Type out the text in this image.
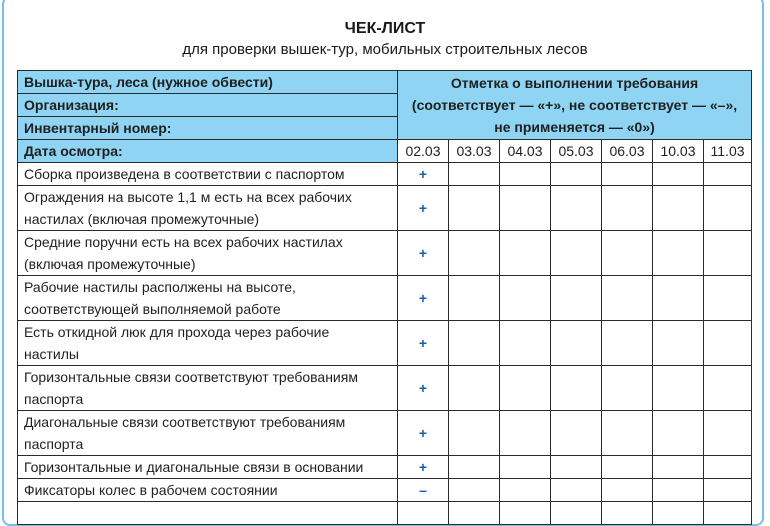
ЧЕК-ЛИСТ
для проверки вышек-тур, мобильных строительных лесов
Вышка-тура, леса (нужное обвести)	Отметка о выполнении требования
(соответствует — «+», не соответствует — «–»,
не применяется — «0»)						

Организация:							
Инвентарный номер:							
Дата осмотра:	02.03	03.03	04.03	05.03	06.03	10.03	11.03

Сборка произведена в соответствии с паспортом	+						

Ограждения на высоте 1,1 м есть на всех рабочих
настилах (включая промежуточные)	+						

Средние поручни есть на всех рабочих настилах
(включая промежуточные)	+						

Рабочие настилы располжены на высоте,
соответствующей выполняемой работе	+						

Есть откидной люк для прохода через рабочие
настилы	+						

Горизонтальные связи соответствуют требованиям
паспорта	+						

Диагональные связи соответствуют требованиям
паспорта	+						

Горизонтальные и диагональные связи в основании	+						

Фиксаторы колес в рабочем состоянии	–						
